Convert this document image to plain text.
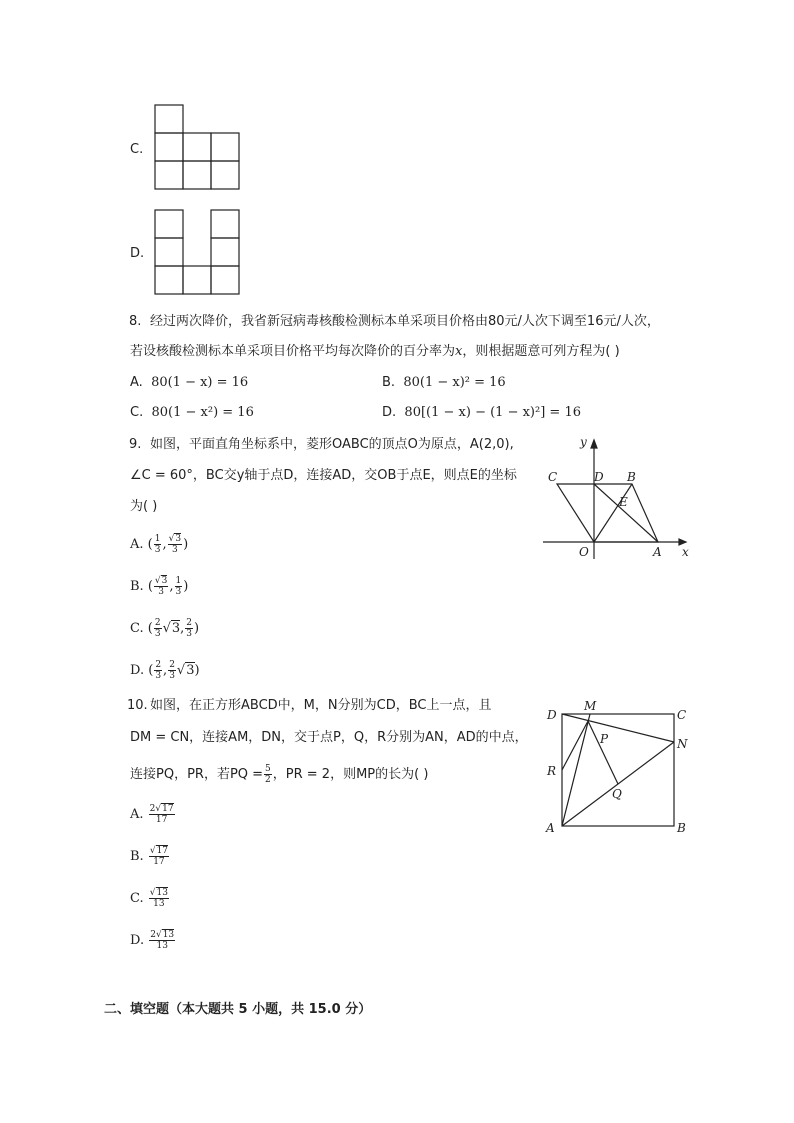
C.
D.
8. 经过两次降价，我省新冠病毒核酸检测标本单采项目价格由80元/人次下调至16元/人次，
若设核酸检测标本单采项目价格平均每次降价的百分率为x，则根据题意可列方程为( )
A. 80(1 − x) = 16	B. 80(1 − x)² = 16
C. 80(1 − x²) = 16	D. 80[(1 − x) − (1 − x)²] = 16
9. 如图，平面直角坐标系中，菱形OABC的顶点O为原点，A(2,0),
∠C = 60°，BC交y轴于点D，连接AD，交OB于点E，则点E的坐标
为( )
A. ( $\frac{1}{3}$ , $\frac{√3}{3}$ )
B. ( $\frac{√3}{3}$ , $\frac{1}{3}$ )
C. ( $\frac{2}{3} √3$, $\frac{2}{3}$ )
D. ( $\frac{2}{3}$ , $\frac{2}{3} √3$)
y
C	D B
E
O	A x
10. 如图，在正方形ABCD中，M，N分别为CD，BC上一点，且
DM = CN，连接AM，DN，交于点P，Q，R分别为AN，AD的中点，
连接PQ，PR，若PQ = $\frac{5}{2}$ ，PR = 2，则MP的长为( )
A. $\frac{2√17}{17}$
B. $\frac{√17}{17}$
C. $\frac{√13}{13}$
D. $\frac{2√13}{13}$
D
M
C
P	N
R
Q
A	B
二、填空题（本大题共 5 小题，共 15.0 分）
